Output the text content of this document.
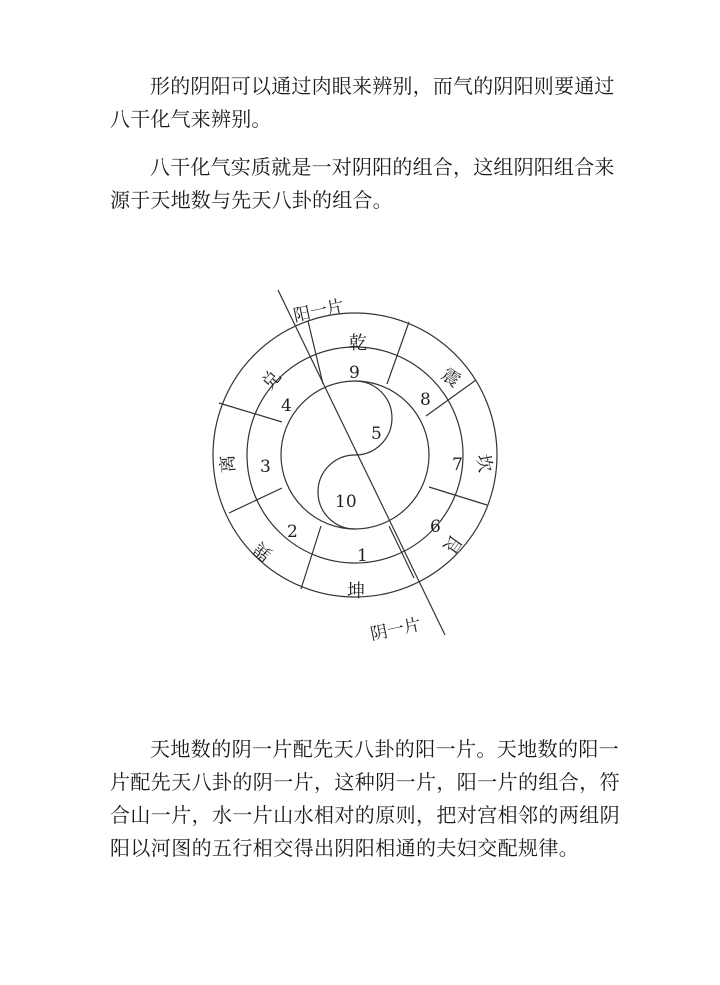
形的阴阳可以通过肉眼来辨别，而气的阴阳则要通过八干化气来辨别。

八干化气实质就是一对阴阳的组合，这组阴阳组合来源于天地数与先天八卦的组合。

阳一片
阴一片
乾
震
坎
艮
坤
巽
离
兑	9
8
7
6
1
2
3
4
5
10

天地数的阴一片配先天八卦的阳一片。天地数的阳一片配先天八卦的阴一片，这种阴一片，阳一片的组合，符合山一片，水一片山水相对的原则，把对宫相邻的两组阴阳以河图的五行相交得出阴阳相通的夫妇交配规律。
